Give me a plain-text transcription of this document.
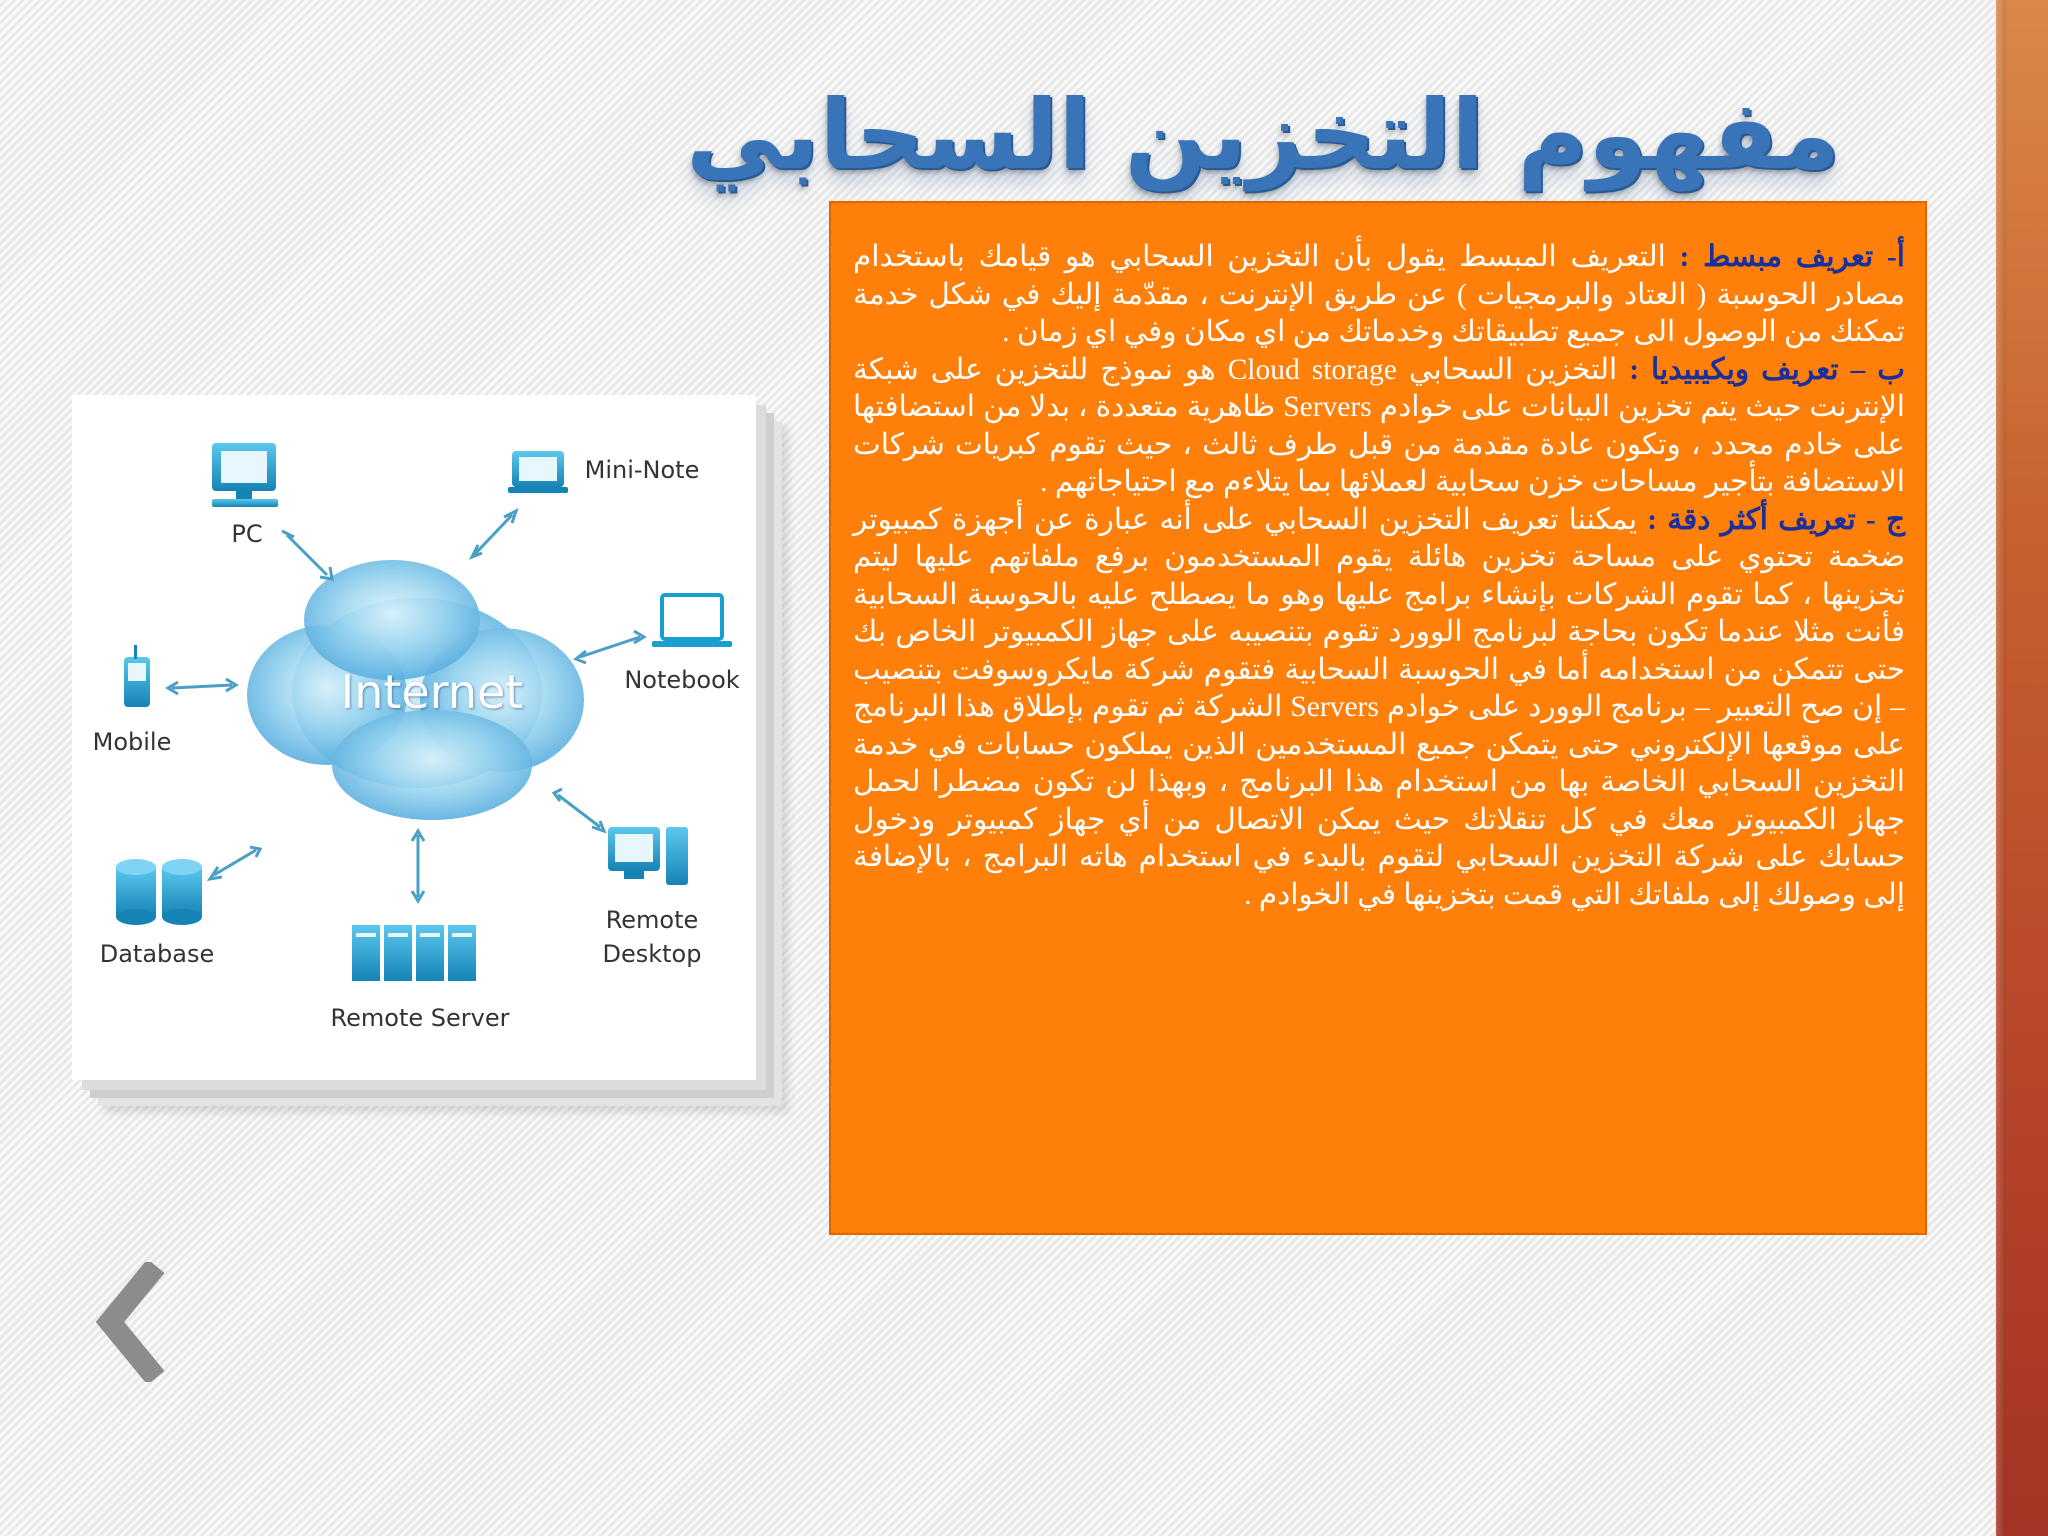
مفهوم التخزين السحابي

أ- تعريف مبسط : التعريف المبسط يقول بأن التخزين السحابي هو قيامك باستخدام مصادر الحوسبة ( العتاد والبرمجيات ) عن طريق الإنترنت ، مقدّمة إليك في شكل خدمة تمكنك من الوصول الى جميع تطبيقاتك وخدماتك من اي مكان وفي اي زمان .

ب – تعريف ويكيبيديا : التخزين السحابي Cloud storage هو نموذج للتخزين على شبكة الإنترنت حيث يتم تخزين البيانات على خوادم Servers ظاهرية متعددة ، بدلا من استضافتها على خادم محدد ، وتكون عادة مقدمة من قبل طرف ثالث ، حيث تقوم كبريات شركات الاستضافة بتأجير مساحات خزن سحابية لعملائها بما يتلاءم مع احتياجاتهم .

ج - تعريف أكثر دقة : يمكننا تعريف التخزين السحابي على أنه عبارة عن أجهزة كمبيوتر ضخمة تحتوي على مساحة تخزين هائلة يقوم المستخدمون برفع ملفاتهم عليها ليتم تخزينها ، كما تقوم الشركات بإنشاء برامج عليها وهو ما يصطلح عليه بالحوسبة السحابية فأنت مثلا عندما تكون بحاجة لبرنامج الوورد تقوم بتنصيبه على جهاز الكمبيوتر الخاص بك حتى تتمكن من استخدامه أما في الحوسبة السحابية فتقوم شركة مايكروسوفت بتنصيب – إن صح التعبير – برنامج الوورد على خوادم Servers الشركة ثم تقوم بإطلاق هذا البرنامج على موقعها الإلكتروني حتى يتمكن جميع المستخدمين الذين يملكون حسابات في خدمة التخزين السحابي الخاصة بها من استخدام هذا البرنامج ، وبهذا لن تكون مضطرا لحمل جهاز الكمبيوتر معك في كل تنقلاتك حيث يمكن الاتصال من أي جهاز كمبيوتر ودخول حسابك على شركة التخزين السحابي لتقوم بالبدء في استخدام هاته البرامج ، بالإضافة إلى وصولك إلى ملفاتك التي قمت بتخزينها في الخوادم .

Internet
PC
Mini-Note
Notebook
Mobile
Database
Remote Server
Remote
Desktop
